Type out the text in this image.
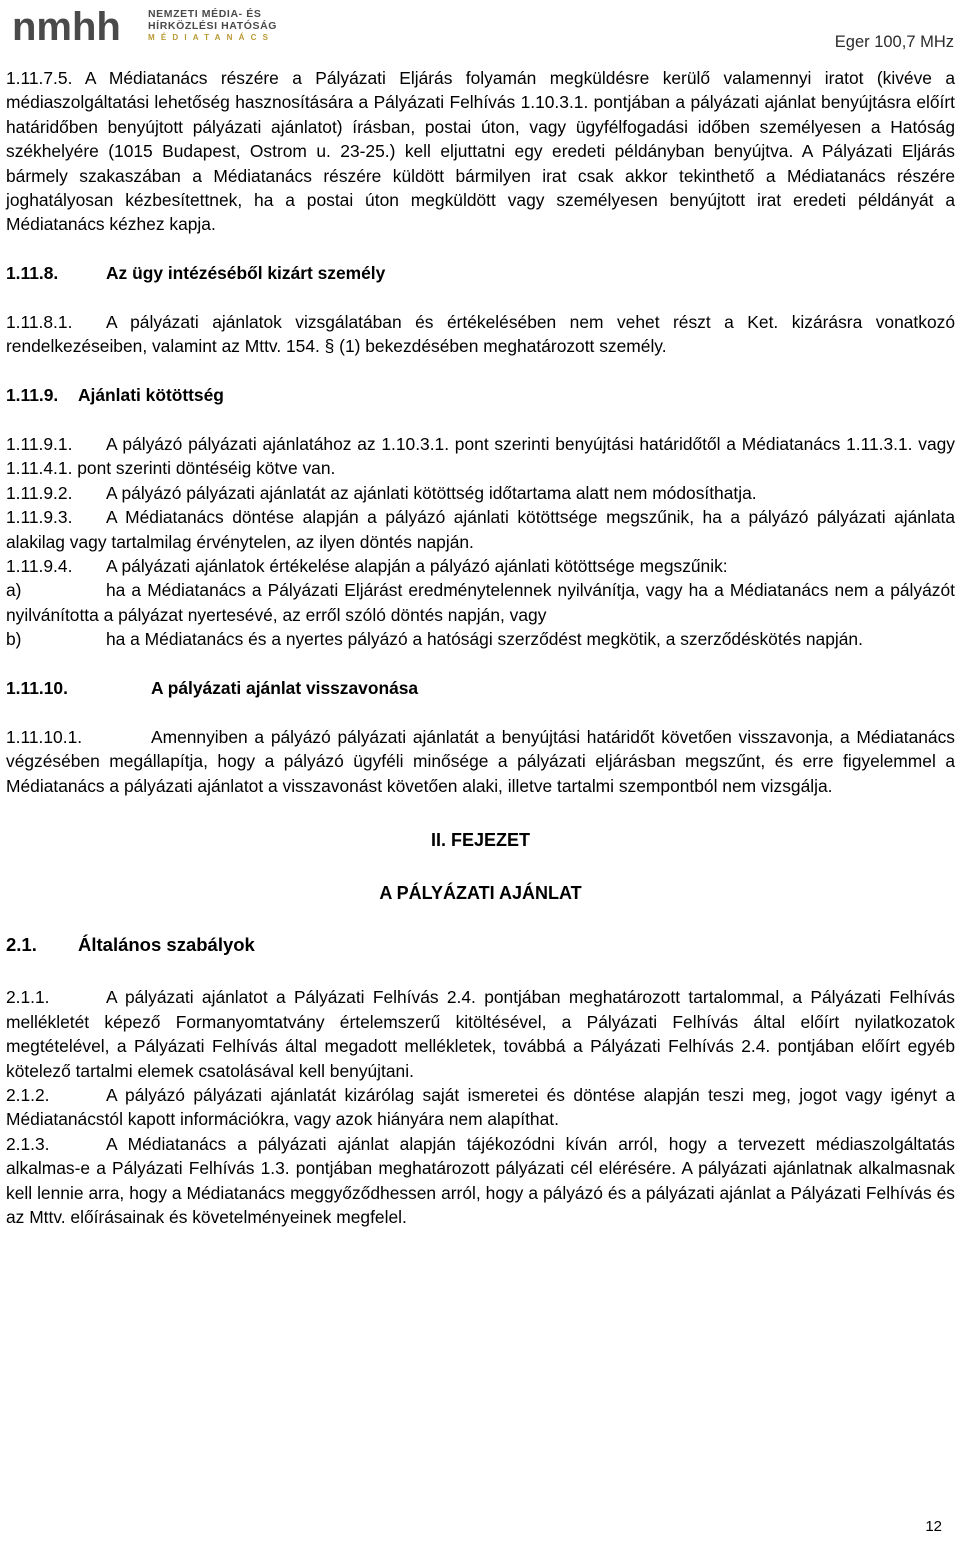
nmhh	NEMZETI MÉDIA- ÉS
HÍRKÖZLÉSI HATÓSÁG
MÉDIATANÁCS	Eger 100,7 MHz

1.11.7.5. A Médiatanács részére a Pályázati Eljárás folyamán megküldésre kerülő valamennyi iratot (kivéve a médiaszolgáltatási lehetőség hasznosítására a Pályázati Felhívás 1.10.3.1. pontjában a pályázati ajánlat benyújtásra előírt határidőben benyújtott pályázati ajánlatot) írásban, postai úton, vagy ügyfélfogadási időben személyesen a Hatóság székhelyére (1015 Budapest, Ostrom u. 23-25.) kell eljuttatni egy eredeti példányban benyújtva. A Pályázati Eljárás bármely szakaszában a Médiatanács részére küldött bármilyen irat csak akkor tekinthető a Médiatanács részére joghatályosan kézbesítettnek, ha a postai úton megküldött vagy személyesen benyújtott irat eredeti példányát a Médiatanács kézhez kapja.

1.11.8.	Az ügy intézéséből kizárt személy

1.11.8.1. A pályázati ajánlatok vizsgálatában és értékelésében nem vehet részt a Ket. kizárásra vonatkozó rendelkezéseiben, valamint az Mttv. 154. § (1) bekezdésében meghatározott személy.

1.11.9. Ajánlati kötöttség

1.11.9.1. A pályázó pályázati ajánlatához az 1.10.3.1. pont szerinti benyújtási határidőtől a Médiatanács 1.11.3.1. vagy 1.11.4.1. pont szerinti döntéséig kötve van.

1.11.9.2. A pályázó pályázati ajánlatát az ajánlati kötöttség időtartama alatt nem módosíthatja.

1.11.9.3. A Médiatanács döntése alapján a pályázó ajánlati kötöttsége megszűnik, ha a pályázó pályázati ajánlata alakilag vagy tartalmilag érvénytelen, az ilyen döntés napján.

1.11.9.4. A pályázati ajánlatok értékelése alapján a pályázó ajánlati kötöttsége megszűnik:

a)	ha a Médiatanács a Pályázati Eljárást eredménytelennek nyilvánítja, vagy ha a Médiatanács nem a pályázót nyilvánította a pályázat nyertesévé, az erről szóló döntés napján, vagy

b)	ha a Médiatanács és a nyertes pályázó a hatósági szerződést megkötik, a szerződéskötés napján.

1.11.10.	A pályázati ajánlat visszavonása

1.11.10.1.	Amennyiben a pályázó pályázati ajánlatát a benyújtási határidőt követően visszavonja, a Médiatanács végzésében megállapítja, hogy a pályázó ügyféli minősége a pályázati eljárásban megszűnt, és erre figyelemmel a Médiatanács a pályázati ajánlatot a visszavonást követően alaki, illetve tartalmi szempontból nem vizsgálja.

II. FEJEZET

A PÁLYÁZATI AJÁNLAT

2.1. Általános szabályok

2.1.1.	A pályázati ajánlatot a Pályázati Felhívás 2.4. pontjában meghatározott tartalommal, a Pályázati Felhívás mellékletét képező Formanyomtatvány értelemszerű kitöltésével, a Pályázati Felhívás által előírt nyilatkozatok megtételével, a Pályázati Felhívás által megadott mellékletek, továbbá a Pályázati Felhívás 2.4. pontjában előírt egyéb kötelező tartalmi elemek csatolásával kell benyújtani.

2.1.2.	A pályázó pályázati ajánlatát kizárólag saját ismeretei és döntése alapján teszi meg, jogot vagy igényt a Médiatanácstól kapott információkra, vagy azok hiányára nem alapíthat.

2.1.3.	A Médiatanács a pályázati ajánlat alapján tájékozódni kíván arról, hogy a tervezett médiaszolgáltatás alkalmas-e a Pályázati Felhívás 1.3. pontjában meghatározott pályázati cél elérésére. A pályázati ajánlatnak alkalmasnak kell lennie arra, hogy a Médiatanács meggyőződhessen arról, hogy a pályázó és a pályázati ajánlat a Pályázati Felhívás és az Mttv. előírásainak és követelményeinek megfelel.

12
